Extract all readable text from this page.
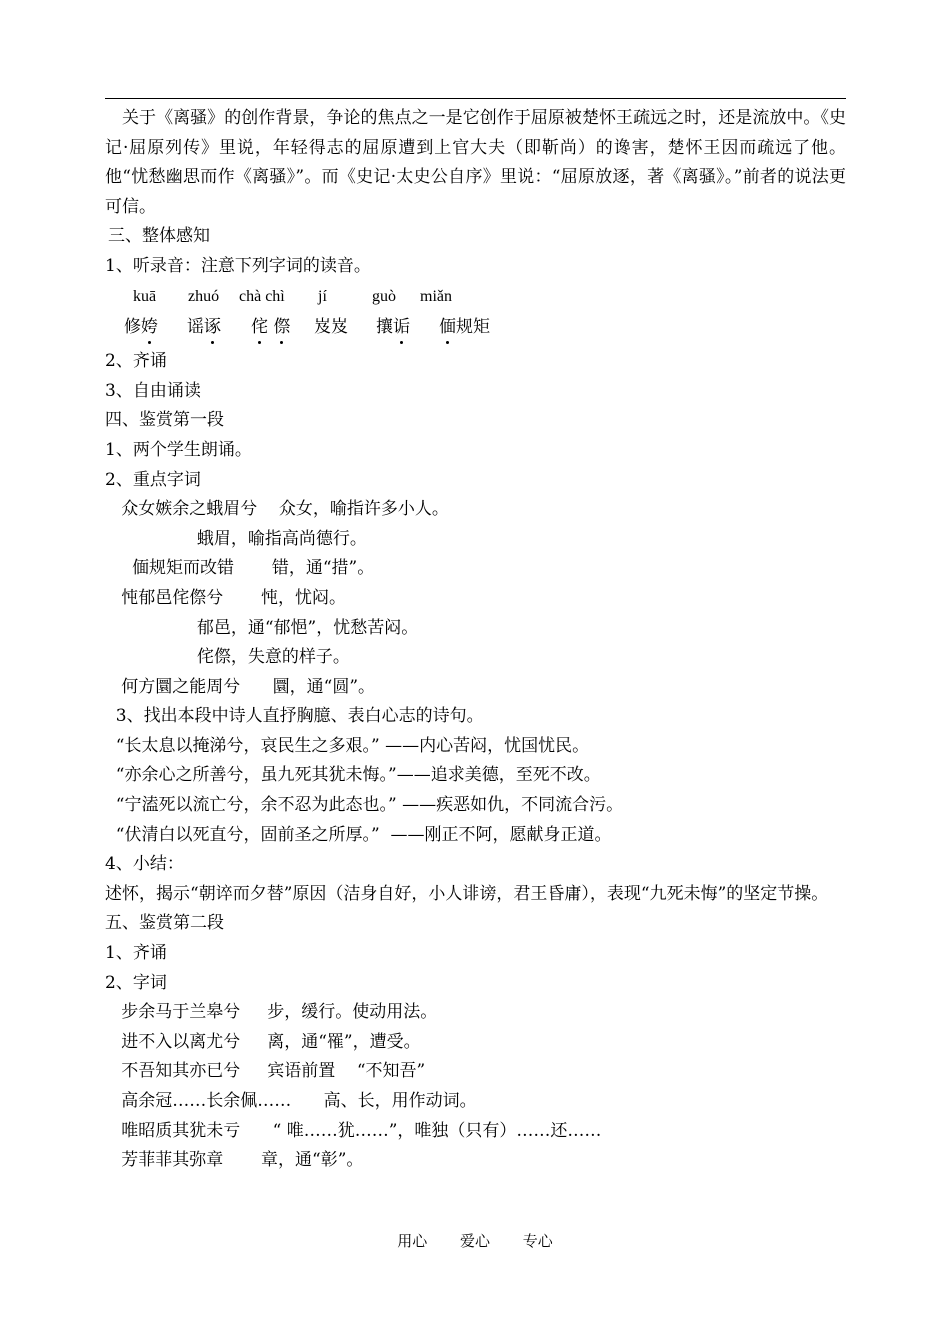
关于《离骚》的创作背景，争论的焦点之一是它创作于屈原被楚怀王疏远之时，还是流放中。《史记·屈原列传》里说，年轻得志的屈原遭到上官大夫（即靳尚）的谗害，楚怀王因而疏远了他。他“忧愁幽思而作《离骚》”。而《史记·太史公自序》里说：“屈原放逐，著《离骚》。”前者的说法更可信。
三、整体感知
1、听录音：注意下列字词的读音。
kuā zhuó chà chì jí	guò miǎn
修姱 谣诼 侘 傺 岌岌 攘诟 偭规矩
2、齐诵
3、自由诵读
四、鉴赏第一段
1、两个学生朗诵。
2、重点字词
众女嫉余之蛾眉兮    众女，喻指许多小人。
蛾眉，喻指高尚德行。
偭规矩而改错       错，通“措”。
忳郁邑侘傺兮       忳，忧闷。
郁邑，通“郁悒”，忧愁苦闷。
侘傺，失意的样子。
何方圜之能周兮      圜，通“圆”。
3、找出本段中诗人直抒胸臆、表白心志的诗句。
“长太息以掩涕兮，哀民生之多艰。” ——内心苦闷，忧国忧民。
“亦余心之所善兮，虽九死其犹未悔。”——追求美德，至死不改。
“宁溘死以流亡兮，余不忍为此态也。” ——疾恶如仇，不同流合污。
“伏清白以死直兮，固前圣之所厚。”  ——刚正不阿，愿献身正道。
4、小结：
述怀，揭示“朝谇而夕替”原因（洁身自好，小人诽谤，君王昏庸），表现“九死未悔”的坚定节操。
五、鉴赏第二段
1、齐诵
2、字词
步余马于兰皋兮     步，缓行。使动用法。
进不入以离尤兮     离，通“罹”，遭受。
不吾知其亦已兮     宾语前置    “不知吾”
高余冠……长余佩……      高、长，用作动词。
唯昭质其犹未亏      “ 唯……犹……”，唯独（只有）……还……
芳菲菲其弥章       章，通“彰”。
用心 爱心 专心
